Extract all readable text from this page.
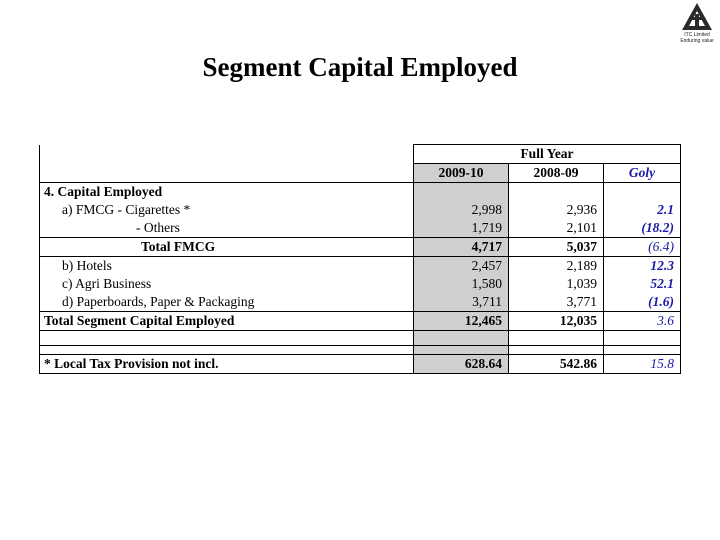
ITC Limited
Enduring value
Segment Capital Employed
	Full Year		
	2009-10	2008-09	Goly
4. Capital Employed			
a) FMCG - Cigarettes *	2,998	2,936	2.1
- Others	1,719	2,101	(18.2)
Total FMCG	4,717	5,037	(6.4)
b) Hotels	2,457	2,189	12.3
c) Agri Business	1,580	1,039	52.1
d) Paperboards, Paper & Packaging	3,711	3,771	(1.6)
Total Segment Capital Employed	12,465	12,035	3.6

* Local Tax Provision not incl.	628.64	542.86	15.8
